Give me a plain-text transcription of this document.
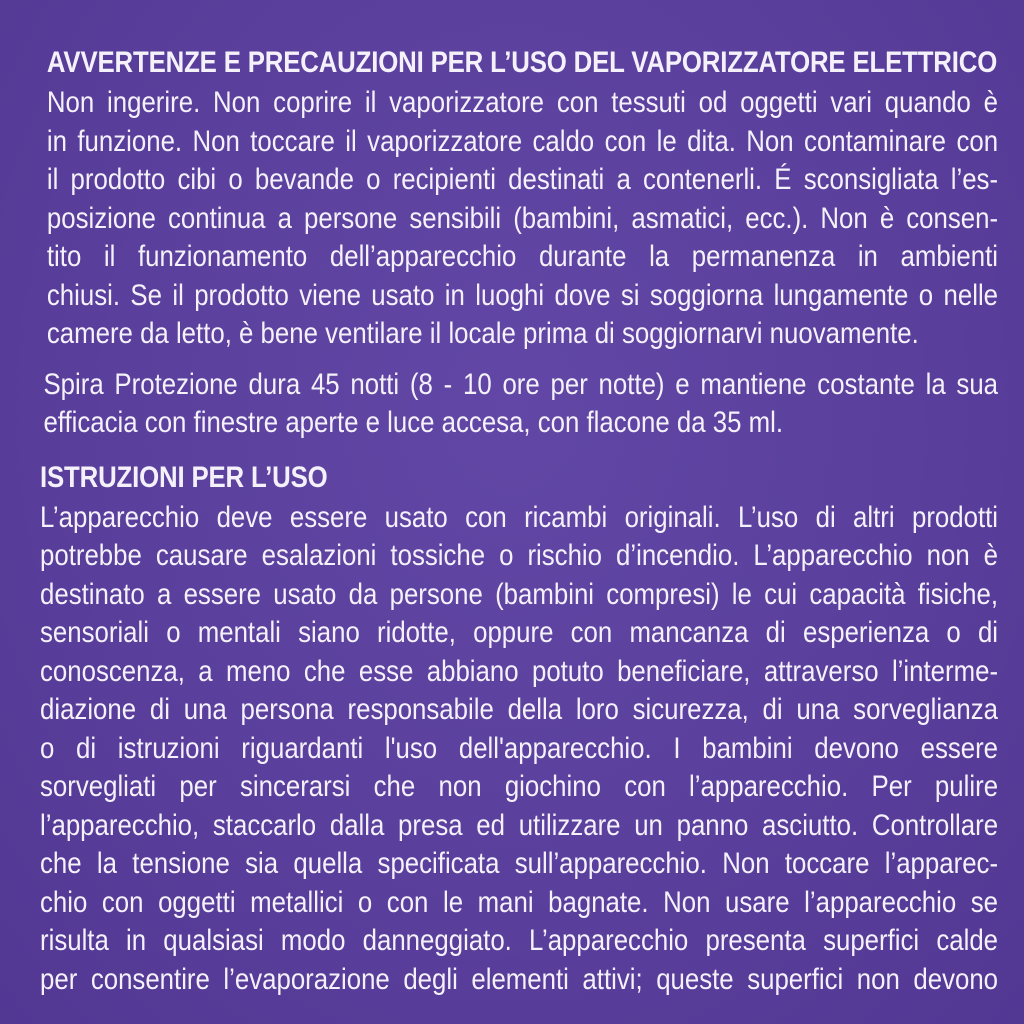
AVVERTENZE E PRECAUZIONI PER L’USO DEL VAPORIZZATORE ELETTRICO
Non ingerire. Non coprire il vaporizzatore con tessuti od oggetti vari quando è
in funzione. Non toccare il vaporizzatore caldo con le dita. Non contaminare con
il prodotto cibi o bevande o recipienti destinati a contenerli. É sconsigliata l’es-
posizione continua a persone sensibili (bambini, asmatici, ecc.). Non è consen-
tito il funzionamento dell’apparecchio durante la permanenza in ambienti
chiusi. Se il prodotto viene usato in luoghi dove si soggiorna lungamente o nelle
camere da letto, è bene ventilare il locale prima di soggiornarvi nuovamente.
Spira Protezione dura 45 notti (8 - 10 ore per notte) e mantiene costante la sua
efficacia con finestre aperte e luce accesa, con flacone da 35 ml.
ISTRUZIONI PER L’USO
L’apparecchio deve essere usato con ricambi originali. L’uso di altri prodotti
potrebbe causare esalazioni tossiche o rischio d’incendio. L’apparecchio non è
destinato a essere usato da persone (bambini compresi) le cui capacità fisiche,
sensoriali o mentali siano ridotte, oppure con mancanza di esperienza o di
conoscenza, a meno che esse abbiano potuto beneficiare, attraverso l’interme-
diazione di una persona responsabile della loro sicurezza, di una sorveglianza
o di istruzioni riguardanti l'uso dell'apparecchio. I bambini devono essere
sorvegliati per sincerarsi che non giochino con l’apparecchio. Per pulire
l’apparecchio, staccarlo dalla presa ed utilizzare un panno asciutto. Controllare
che la tensione sia quella specificata sull’apparecchio. Non toccare l’apparec-
chio con oggetti metallici o con le mani bagnate. Non usare l’apparecchio se
risulta in qualsiasi modo danneggiato. L’apparecchio presenta superfici calde
per consentire l’evaporazione degli elementi attivi; queste superfici non devono
